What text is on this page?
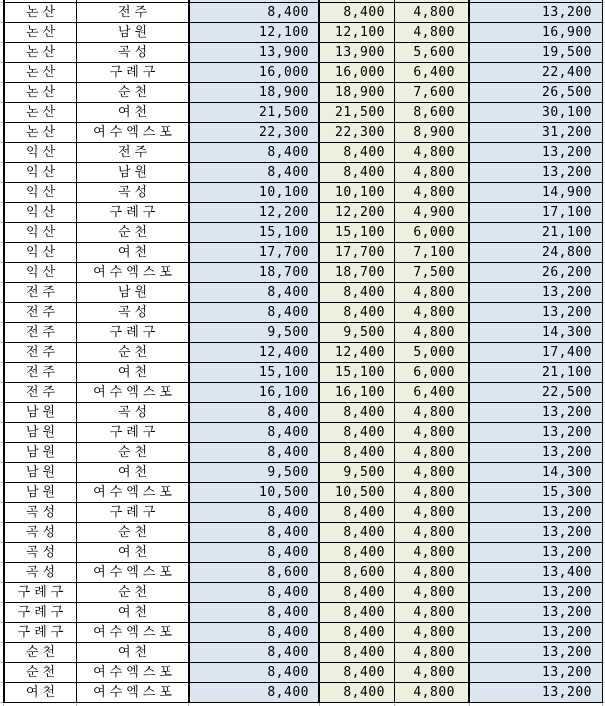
논산	전주	8,400	8,400	4,800	13,200
논산	남원	12,100	12,100	4,800	16,900
논산	곡성	13,900	13,900	5,600	19,500
논산	구례구	16,000	16,000	6,400	22,400
논산	순천	18,900	18,900	7,600	26,500
논산	여천	21,500	21,500	8,600	30,100
논산	여수엑스포	22,300	22,300	8,900	31,200
익산	전주	8,400	8,400	4,800	13,200
익산	남원	8,400	8,400	4,800	13,200
익산	곡성	10,100	10,100	4,800	14,900
익산	구례구	12,200	12,200	4,900	17,100
익산	순천	15,100	15,100	6,000	21,100
익산	여천	17,700	17,700	7,100	24,800
익산	여수엑스포	18,700	18,700	7,500	26,200
전주	남원	8,400	8,400	4,800	13,200
전주	곡성	8,400	8,400	4,800	13,200
전주	구례구	9,500	9,500	4,800	14,300
전주	순천	12,400	12,400	5,000	17,400
전주	여천	15,100	15,100	6,000	21,100
전주	여수엑스포	16,100	16,100	6,400	22,500
남원	곡성	8,400	8,400	4,800	13,200
남원	구례구	8,400	8,400	4,800	13,200
남원	순천	8,400	8,400	4,800	13,200
남원	여천	9,500	9,500	4,800	14,300
남원	여수엑스포	10,500	10,500	4,800	15,300
곡성	구례구	8,400	8,400	4,800	13,200
곡성	순천	8,400	8,400	4,800	13,200
곡성	여천	8,400	8,400	4,800	13,200
곡성	여수엑스포	8,600	8,600	4,800	13,400
구례구	순천	8,400	8,400	4,800	13,200
구례구	여천	8,400	8,400	4,800	13,200
구례구	여수엑스포	8,400	8,400	4,800	13,200
순천	여천	8,400	8,400	4,800	13,200
순천	여수엑스포	8,400	8,400	4,800	13,200
여천	여수엑스포	8,400	8,400	4,800	13,200
